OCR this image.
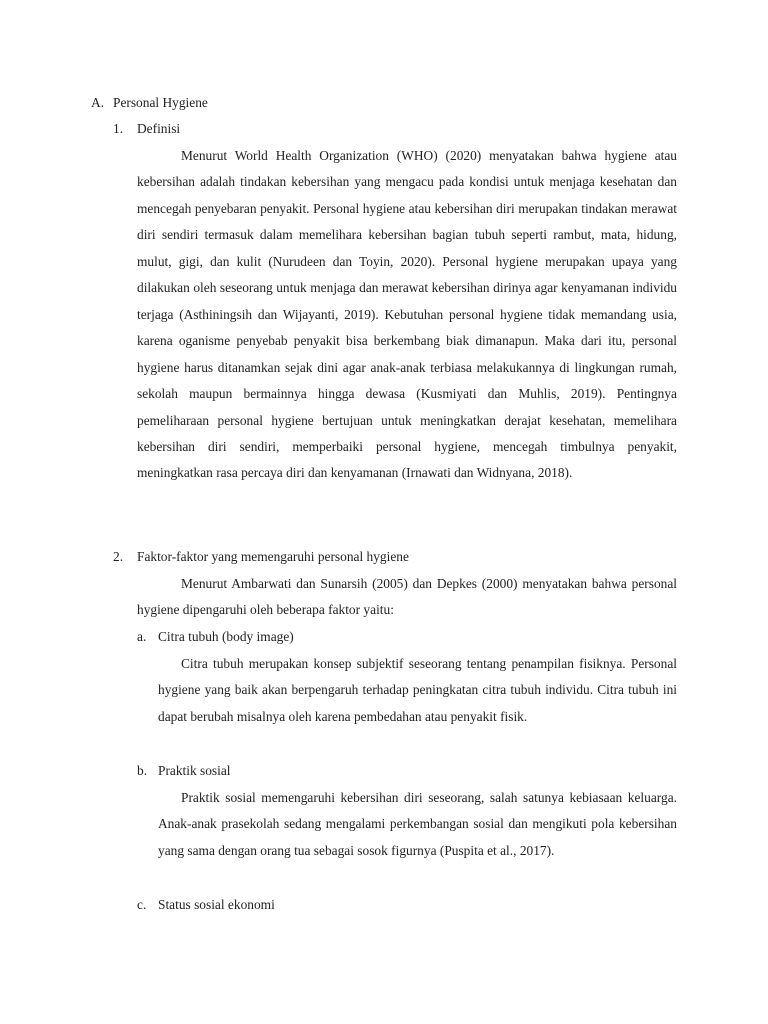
A. Personal Hygiene
1. Definisi

Menurut World Health Organization (WHO) (2020) menyatakan bahwa hygiene atau kebersihan adalah tindakan kebersihan yang mengacu pada kondisi untuk menjaga kesehatan dan mencegah penyebaran penyakit. Personal hygiene atau kebersihan diri merupakan tindakan merawat diri sendiri termasuk dalam memelihara kebersihan bagian tubuh seperti rambut, mata, hidung, mulut, gigi, dan kulit (Nurudeen dan Toyin, 2020). Personal hygiene merupakan upaya yang dilakukan oleh seseorang untuk menjaga dan merawat kebersihan dirinya agar kenyamanan individu terjaga (Asthiningsih dan Wijayanti, 2019). Kebutuhan personal hygiene tidak memandang usia, karena oganisme penyebab penyakit bisa berkembang biak dimanapun. Maka dari itu, personal hygiene harus ditanamkan sejak dini agar anak-anak terbiasa melakukannya di lingkungan rumah, sekolah maupun bermainnya hingga dewasa (Kusmiyati dan Muhlis, 2019). Pentingnya pemeliharaan personal hygiene bertujuan untuk meningkatkan derajat kesehatan, memelihara kebersihan diri sendiri, memperbaiki personal hygiene, mencegah timbulnya penyakit, meningkatkan rasa percaya diri dan kenyamanan (Irnawati dan Widnyana, 2018).

2. Faktor-faktor yang memengaruhi personal hygiene

Menurut Ambarwati dan Sunarsih (2005) dan Depkes (2000) menyatakan bahwa personal hygiene dipengaruhi oleh beberapa faktor yaitu:

a. Citra tubuh (body image)

Citra tubuh merupakan konsep subjektif seseorang tentang penampilan fisiknya. Personal hygiene yang baik akan berpengaruh terhadap peningkatan citra tubuh individu. Citra tubuh ini dapat berubah misalnya oleh karena pembedahan atau penyakit fisik.

b. Praktik sosial

Praktik sosial memengaruhi kebersihan diri seseorang, salah satunya kebiasaan keluarga. Anak-anak prasekolah sedang mengalami perkembangan sosial dan mengikuti pola kebersihan yang sama dengan orang tua sebagai sosok figurnya (Puspita et al., 2017).

c. Status sosial ekonomi
